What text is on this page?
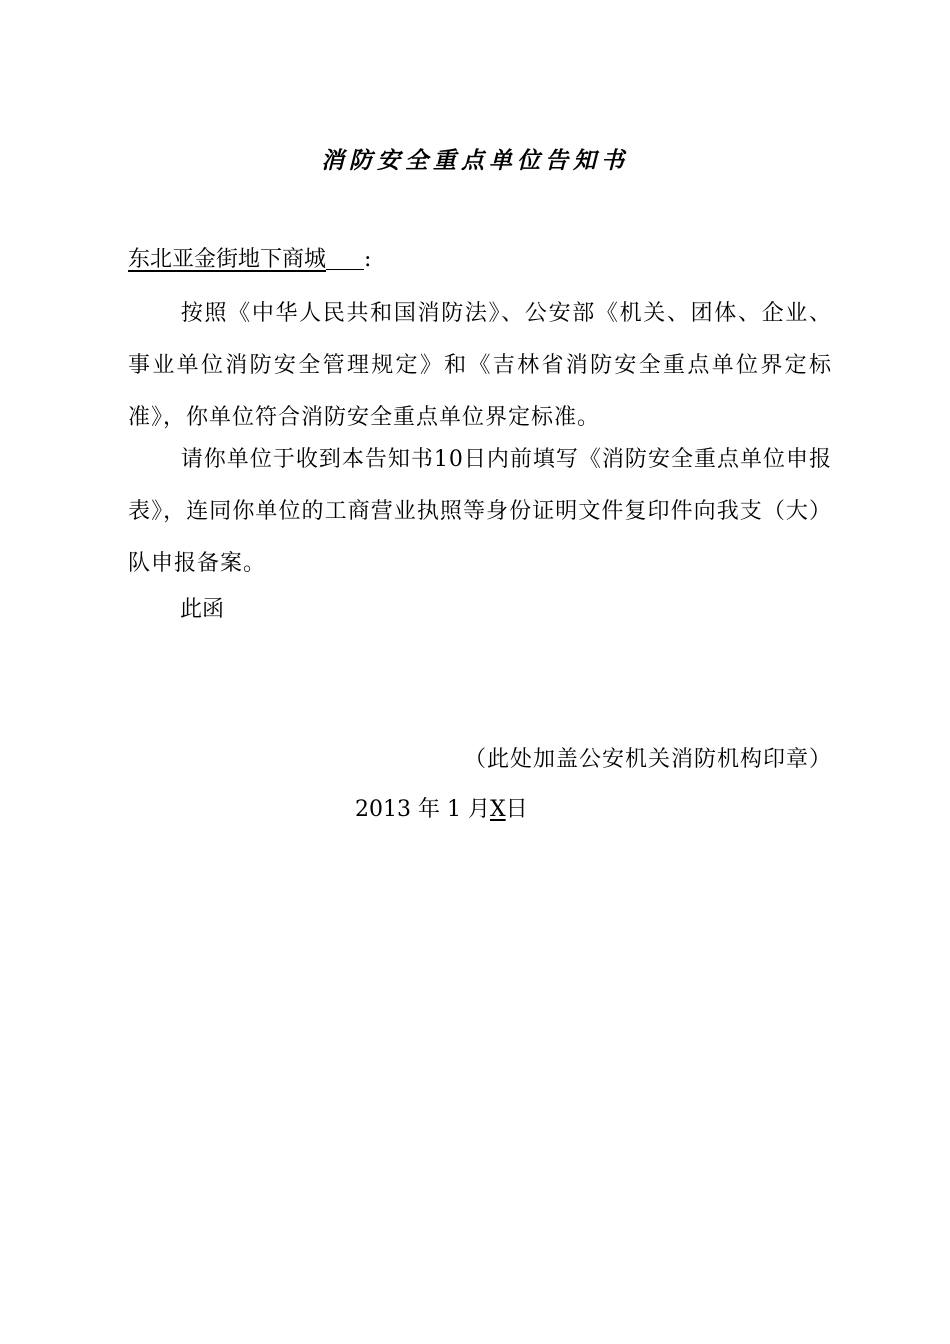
消防安全重点单位告知书
东北亚金街地下商城 :
按照《中华人民共和国消防法》、公安部《机关、团体、企业、事业单位消防安全管理规定》和《吉林省消防安全重点单位界定标准》，你单位符合消防安全重点单位界定标准。
请你单位于收到本告知书10日内前填写《消防安全重点单位申报表》，连同你单位的工商营业执照等身份证明文件复印件向我支（大）队申报备案。
此函
（此处加盖公安机关消防机构印章）
2013 年 1 月X日
